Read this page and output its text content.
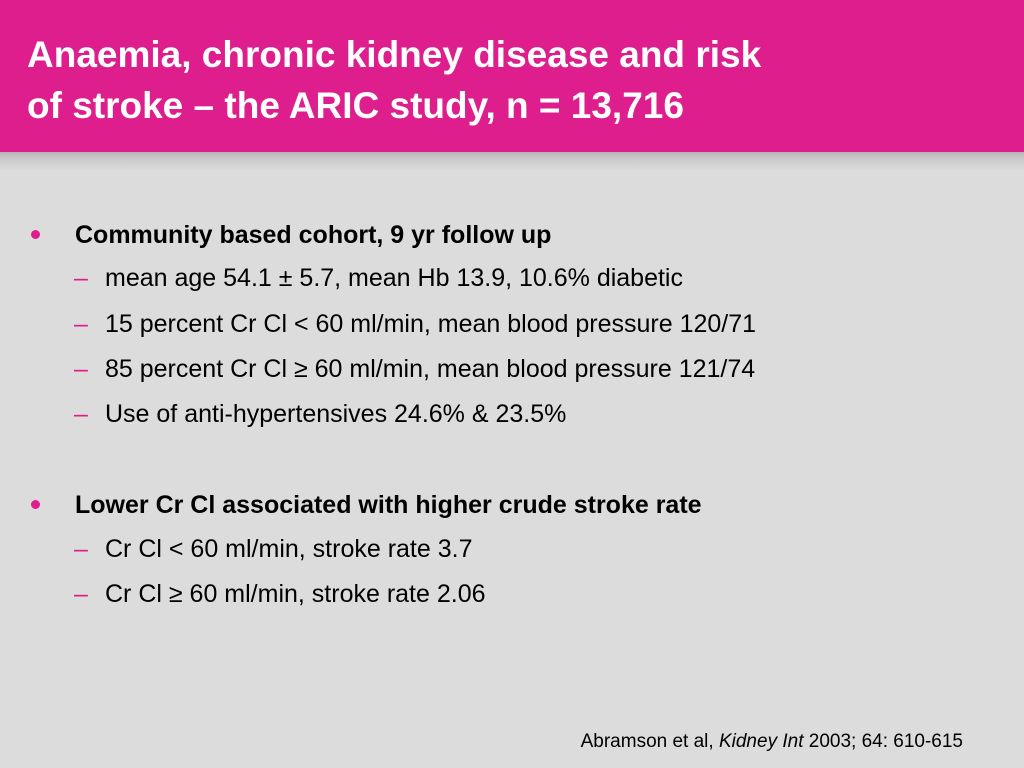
Anaemia, chronic kidney disease and risk
of stroke – the ARIC study, n = 13,716
Community based cohort, 9 yr follow up
– mean age 54.1 ± 5.7, mean Hb 13.9, 10.6% diabetic
– 15 percent Cr Cl < 60 ml/min, mean blood pressure 120/71
– 85 percent Cr Cl ≥ 60 ml/min, mean blood pressure 121/74
– Use of anti-hypertensives 24.6% & 23.5%
Lower Cr Cl associated with higher crude stroke rate
– Cr Cl < 60 ml/min, stroke rate 3.7
– Cr Cl ≥ 60 ml/min, stroke rate 2.06
Abramson et al, Kidney Int 2003; 64: 610-615
